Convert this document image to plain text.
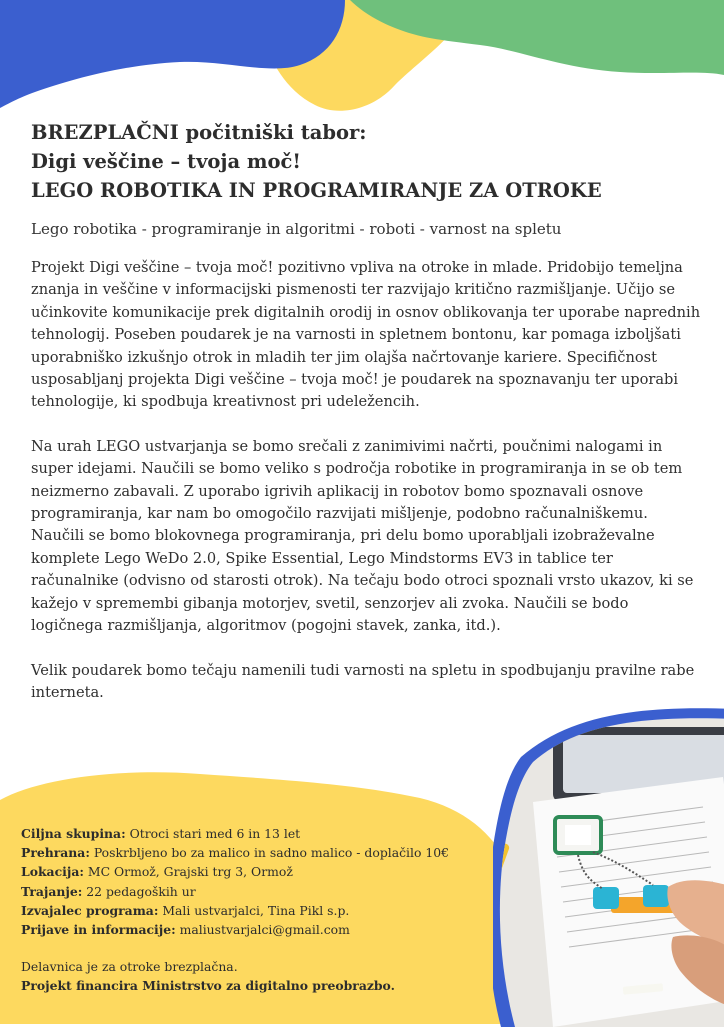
BREZPLAČNI počitniški tabor:
Digi veščine – tvoja moč!
LEGO ROBOTIKA IN PROGRAMIRANJE ZA OTROKE

Lego robotika - programiranje in algoritmi - roboti - varnost na spletu

Projekt Digi veščine – tvoja moč! pozitivno vpliva na otroke in mlade. Pridobijo temeljna znanja in veščine v informacijski pismenosti ter razvijajo kritično razmišljanje. Učijo se učinkovite komunikacije prek digitalnih orodij in osnov oblikovanja ter uporabe naprednih tehnologij. Poseben poudarek je na varnosti in spletnem bontonu, kar pomaga izboljšati uporabniško izkušnjo otrok in mladih ter jim olajša načrtovanje kariere. Specifičnost usposabljanj projekta Digi veščine – tvoja moč! je poudarek na spoznavanju ter uporabi tehnologije, ki spodbuja kreativnost pri udeležencih.

Na urah LEGO ustvarjanja se bomo srečali z zanimivimi načrti, poučnimi nalogami in super idejami. Naučili se bomo veliko s področja robotike in programiranja in se ob tem neizmerno zabavali. Z uporabo igrivih aplikacij in robotov bomo spoznavali osnove programiranja, kar nam bo omogočilo razvijati mišljenje, podobno računalniškemu. Naučili se bomo blokovnega programiranja, pri delu bomo uporabljali izobraževalne komplete Lego WeDo 2.0, Spike Essential, Lego Mindstorms EV3 in tablice ter računalnike (odvisno od starosti otrok). Na tečaju bodo otroci spoznali vrsto ukazov, ki se kažejo v spremembi gibanja motorjev, svetil, senzorjev ali zvoka. Naučili se bodo logičnega razmišljanja, algoritmov (pogojni stavek, zanka, itd.).

Velik poudarek bomo tečaju namenili tudi varnosti na spletu in spodbujanju pravilne rabe interneta.

Ciljna skupina: Otroci stari med 6 in 13 let
Prehrana: Poskrbljeno bo za malico in sadno malico - doplačilo 10€
Lokacija: MC Ormož, Grajski trg 3, Ormož
Trajanje: 22 pedagoških ur
Izvajalec programa: Mali ustvarjalci, Tina Pikl s.p.
Prijave in informacije: maliustvarjalci@gmail.com
Delavnica je za otroke brezplačna.
Projekt financira Ministrstvo za digitalno preobrazbo.
